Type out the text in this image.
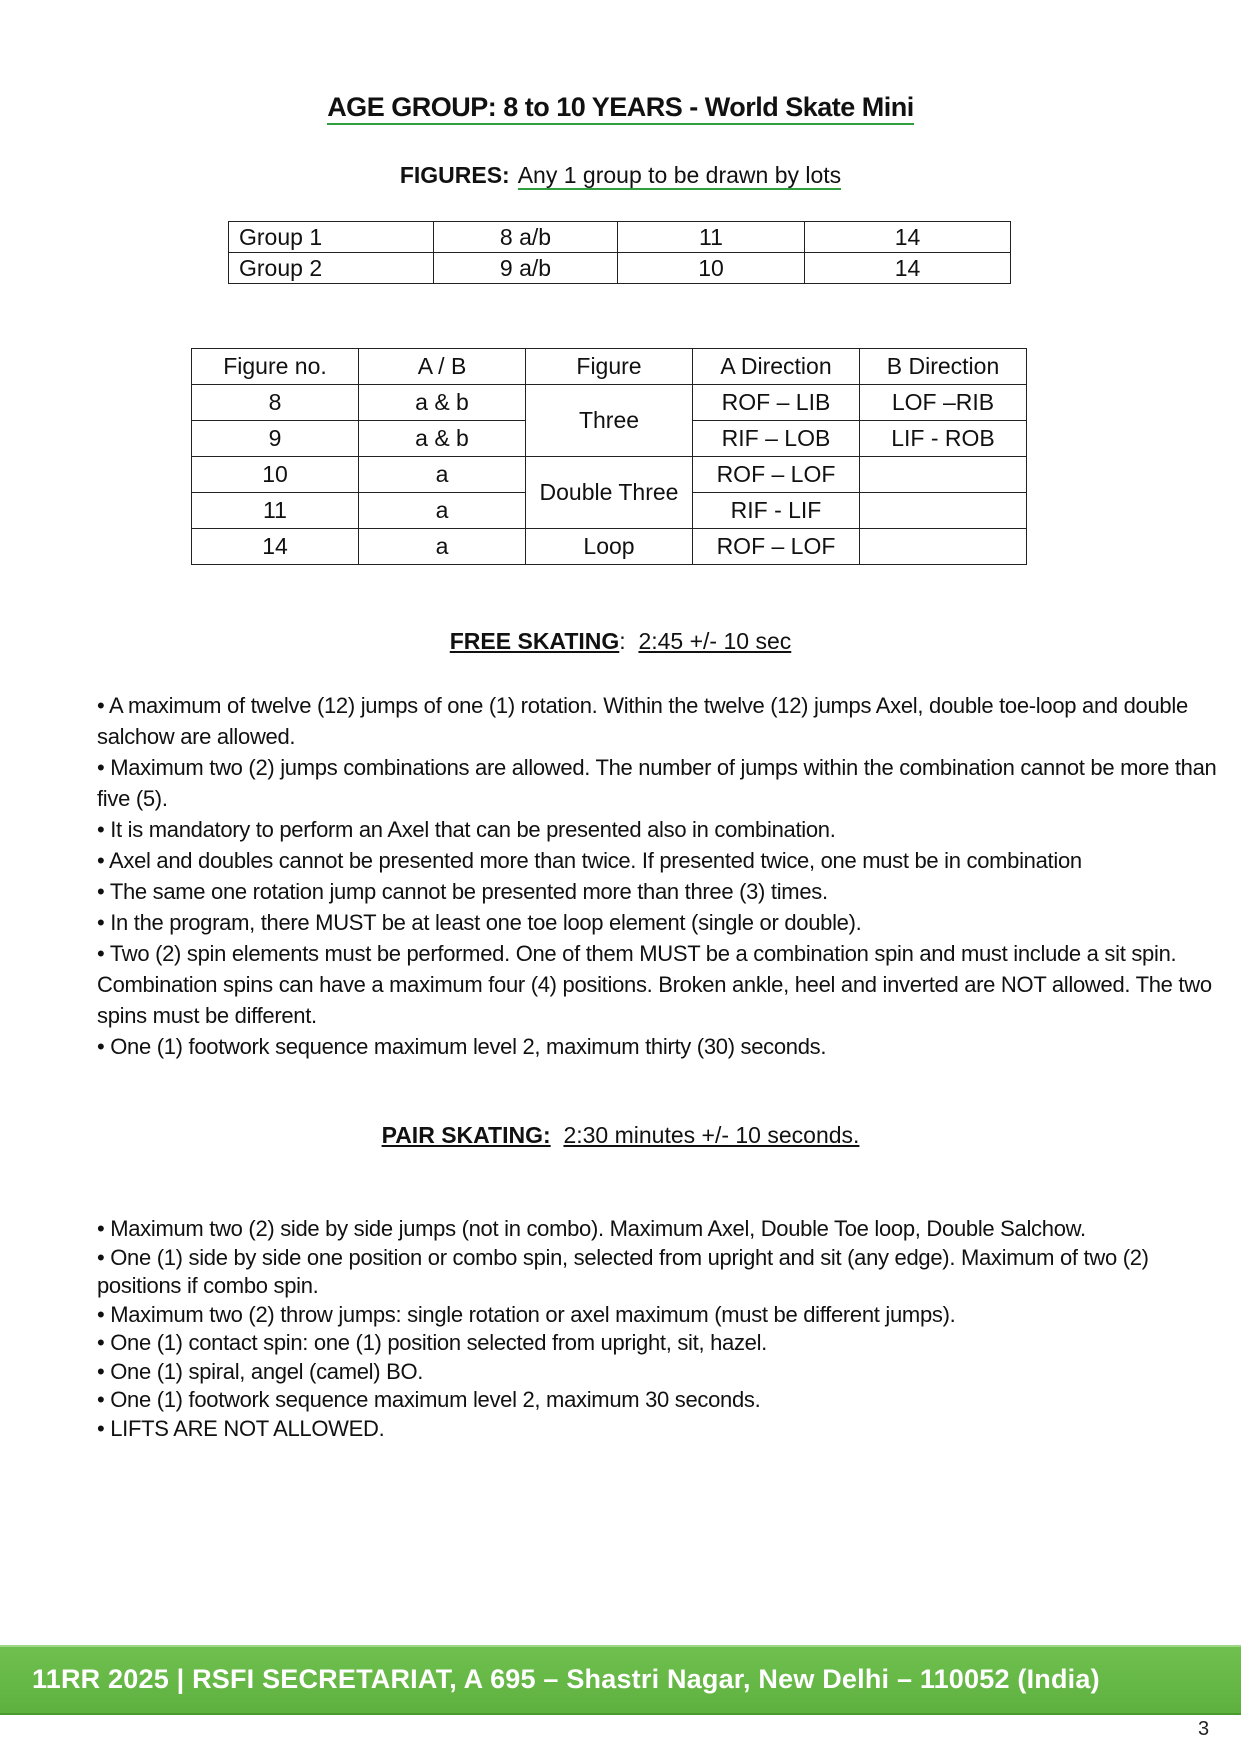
AGE GROUP: 8 to 10 YEARS - World Skate Mini
FIGURES: Any 1 group to be drawn by lots
Group 1	8 a/b	11	14
Group 2	9 a/b	10	14
Figure no.	A / B	Figure	A Direction	B Direction
8	a & b	Three	ROF – LIB	LOF –RIB
9	a & b		RIF – LOB	LIF - ROB
10	a	Double Three	ROF – LOF	
11	a		RIF - LIF	
14	a	Loop	ROF – LOF	
FREE SKATING:  2:45 +/- 10 sec

• A maximum of twelve (12) jumps of one (1) rotation. Within the twelve (12) jumps Axel, double toe-loop and double salchow are allowed.

• Maximum two (2) jumps combinations are allowed. The number of jumps within the combination cannot be more than five (5).

• It is mandatory to perform an Axel that can be presented also in combination.

• Axel and doubles cannot be presented more than twice. If presented twice, one must be in combination

• The same one rotation jump cannot be presented more than three (3) times.

• In the program, there MUST be at least one toe loop element (single or double).

• Two (2) spin elements must be performed. One of them MUST be a combination spin and must include a sit spin. Combination spins can have a maximum four (4) positions. Broken ankle, heel and inverted are NOT allowed. The two spins must be different.

• One (1) footwork sequence maximum level 2, maximum thirty (30) seconds.

PAIR SKATING: 2:30 minutes +/- 10 seconds.

• Maximum two (2) side by side jumps (not in combo). Maximum Axel, Double Toe loop, Double Salchow.

• One (1) side by side one position or combo spin, selected from upright and sit (any edge). Maximum of two (2) positions if combo spin.

• Maximum two (2) throw jumps: single rotation or axel maximum (must be different jumps).

• One (1) contact spin: one (1) position selected from upright, sit, hazel.

• One (1) spiral, angel (camel) BO.

• One (1) footwork sequence maximum level 2, maximum 30 seconds.

• LIFTS ARE NOT ALLOWED.

11RR 2025 | RSFI SECRETARIAT, A 695 – Shastri Nagar, New Delhi – 110052 (India)
3
